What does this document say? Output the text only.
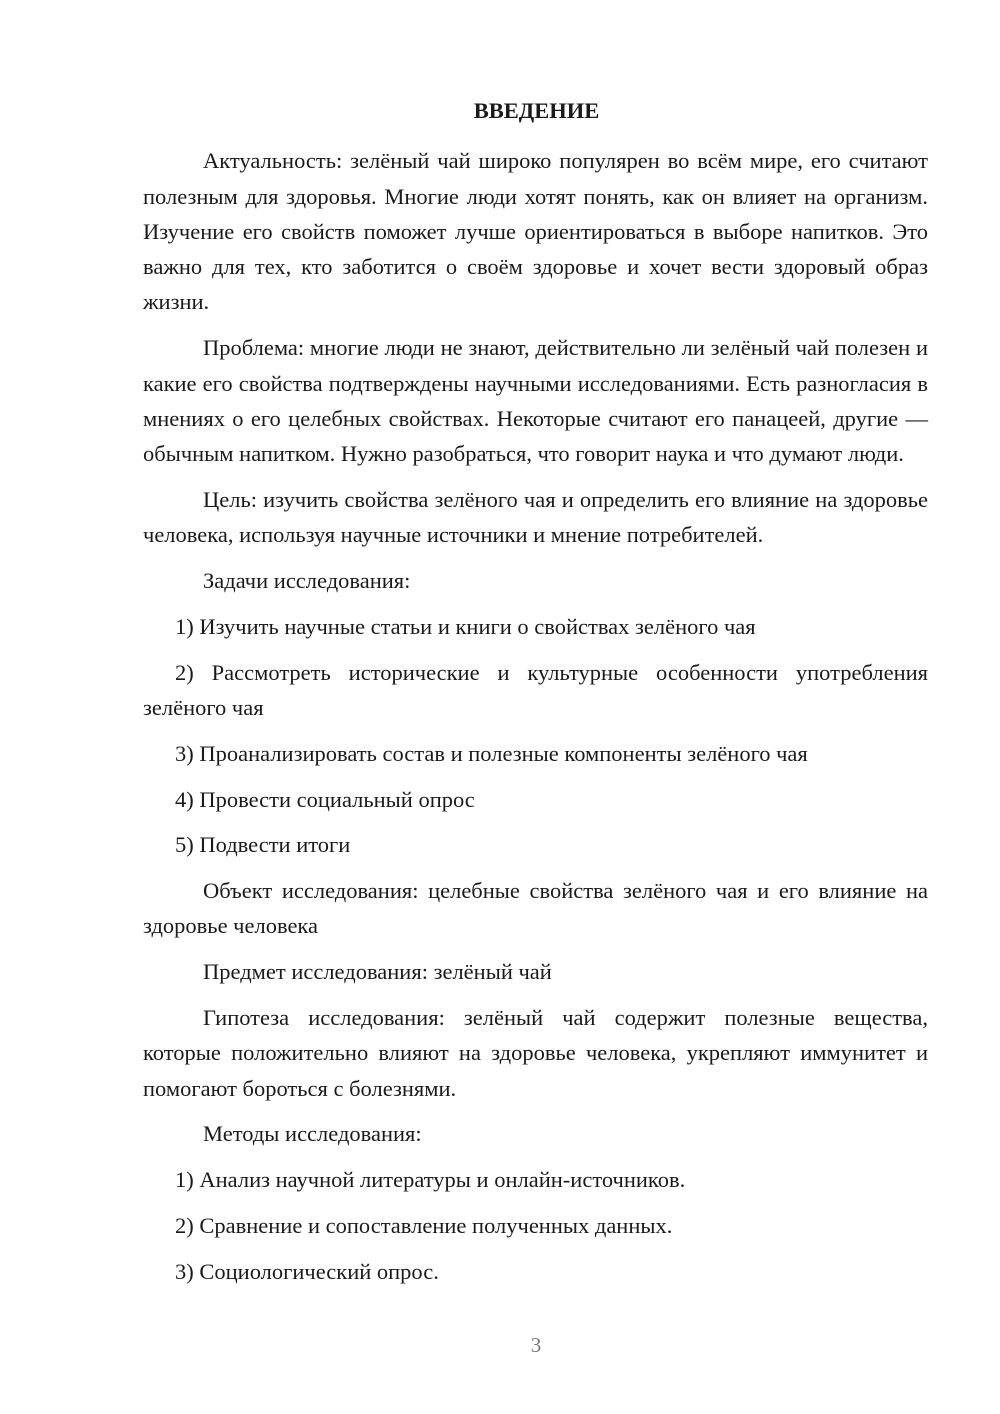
ВВЕДЕНИЕ

Актуальность: зелёный чай широко популярен во всём мире, его считают полезным для здоровья. Многие люди хотят понять, как он влияет на организм. Изучение его свойств поможет лучше ориентироваться в выборе напитков. Это важно для тех, кто заботится о своём здоровье и хочет вести здоровый образ жизни.

Проблема: многие люди не знают, действительно ли зелёный чай полезен и какие его свойства подтверждены научными исследованиями. Есть разногласия в мнениях о его целебных свойствах. Некоторые считают его панацеей, другие — обычным напитком. Нужно разобраться, что говорит наука и что думают люди.

Цель: изучить свойства зелёного чая и определить его влияние на здоровье человека, используя научные источники и мнение потребителей.

Задачи исследования:

1) Изучить научные статьи и книги о свойствах зелёного чая

2) Рассмотреть исторические и культурные особенности употребления зелёного чая

3) Проанализировать состав и полезные компоненты зелёного чая

4) Провести социальный опрос

5) Подвести итоги

Объект исследования: целебные свойства зелёного чая и его влияние на здоровье человека

Предмет исследования: зелёный чай

Гипотеза исследования: зелёный чай содержит полезные вещества, которые положительно влияют на здоровье человека, укрепляют иммунитет и помогают бороться с болезнями.

Методы исследования:

1) Анализ научной литературы и онлайн-источников.

2) Сравнение и сопоставление полученных данных.

3) Социологический опрос.

3
